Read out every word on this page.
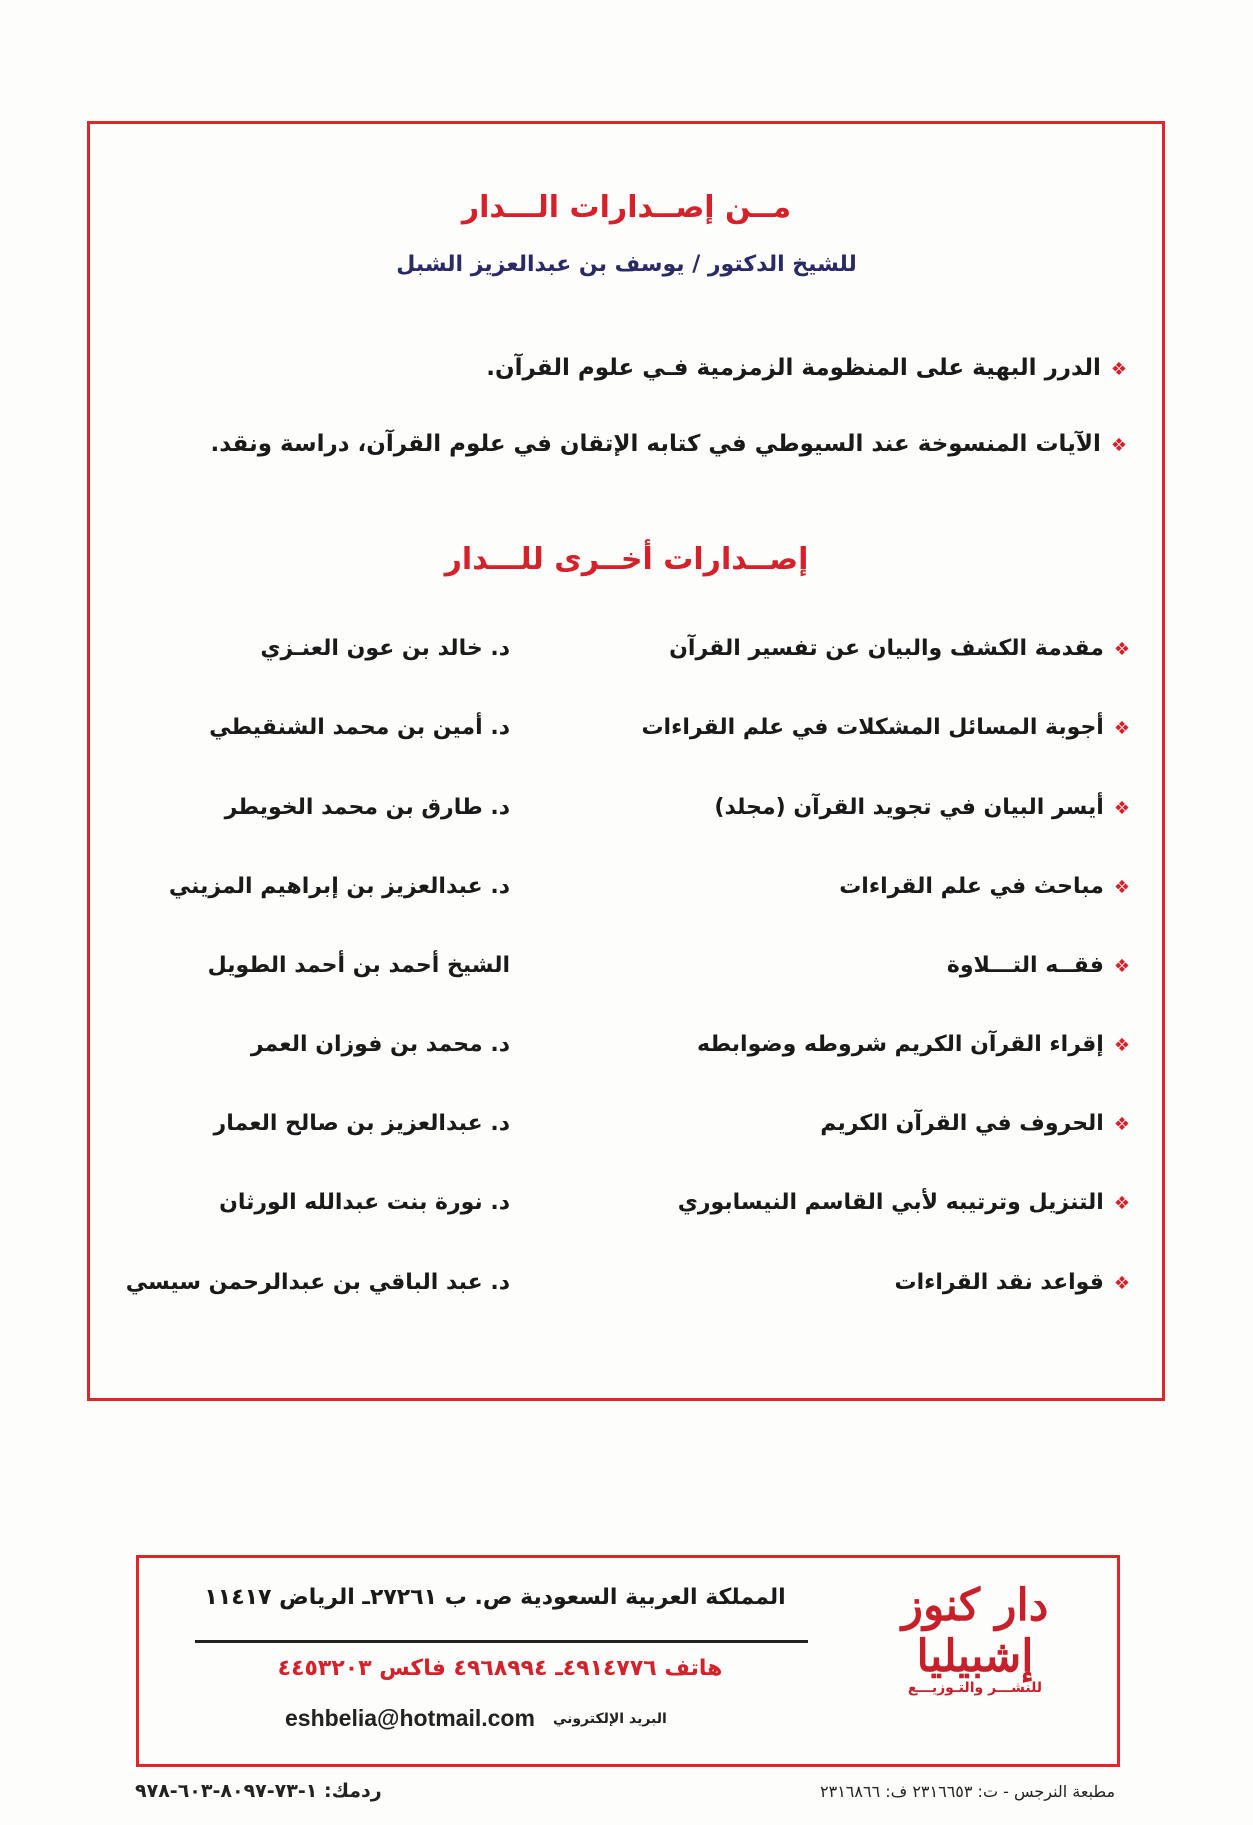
مــن إصــدارات الـــدار
للشيخ الدكتور / يوسف بن عبدالعزيز الشبل
❖الدرر البهية على المنظومة الزمزمية فـي علوم القرآن.
❖الآيات المنسوخة عند السيوطي في كتابه الإتقان في علوم القرآن، دراسة ونقد.
إصــدارات أخــرى للـــدار
❖مقدمة الكشف والبيان عن تفسير القرآن
د. خالد بن عون العنـزي
❖أجوبة المسائل المشكلات في علم القراءات
د. أمين بن محمد الشنقيطي
❖أيسر البيان في تجويد القرآن (مجلد)
د. طارق بن محمد الخويطر
❖مباحث في علم القراءات
د. عبدالعزيز بن إبراهيم المزيني
❖فقــه التـــلاوة
الشيخ أحمد بن أحمد الطويل
❖إقراء القرآن الكريم شروطه وضوابطه
د. محمد بن فوزان العمر
❖الحروف في القرآن الكريم
د. عبدالعزيز بن صالح العمار
❖التنزيل وترتيبه لأبي القاسم النيسابوري
د. نورة بنت عبدالله الورثان
❖قواعد نقد القراءات
د. عبد الباقي بن عبدالرحمن سيسي
دار كنوز إشبيليا
للنشـــر والتـوزيـــع
المملكة العربية السعودية ص. ب ٢٧٢٦١ـ الرياض ١١٤١٧
هاتف ٤٩١٤٧٧٦ـ ٤٩٦٨٩٩٤ فاكس ٤٤٥٣٢٠٣
البريد الإلكتروني
eshbelia@hotmail.com
ردمك: ١-٧٣-٨٠٩٧-٦٠٣-٩٧٨	مطبعة النرجس - ت: ٢٣١٦٦٥٣ ف: ٢٣١٦٨٦٦
